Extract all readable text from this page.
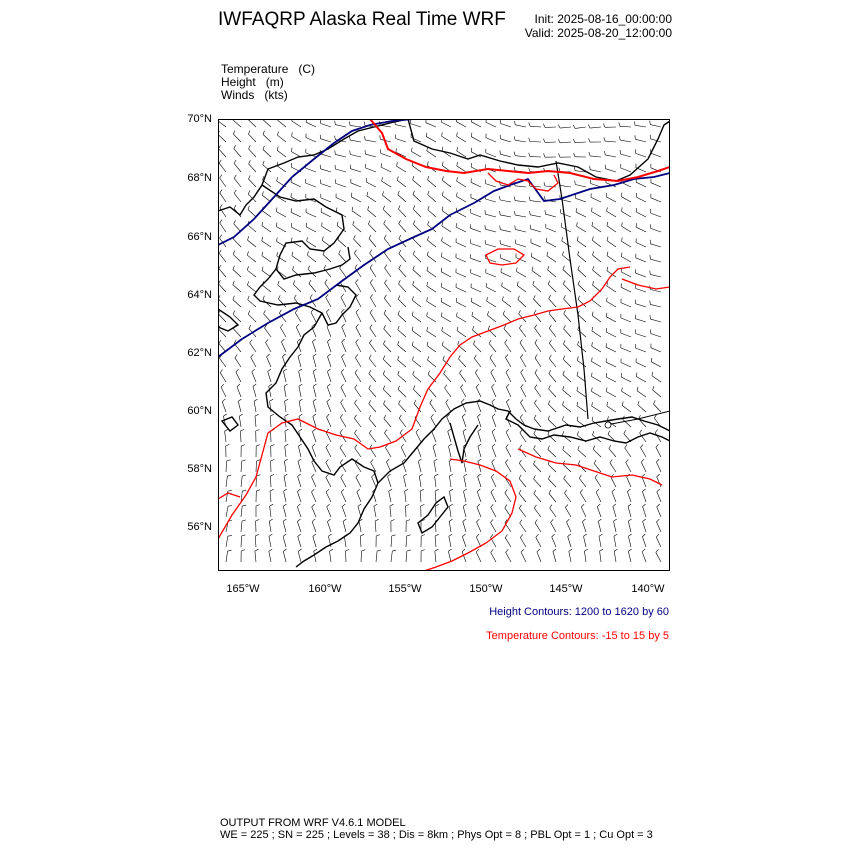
IWFAQRP Alaska Real Time WRF	Init: 2025-08-16_00:00:00
Valid: 2025-08-20_12:00:00
Temperature (C)
Height (m)
Winds (kts)
70°N
68°N
66°N
64°N
62°N
60°N
58°N
56°N
165°W	160°W	155°W	150°W	145°W	140°W
Height Contours: 1200 to 1620 by 60
Temperature Contours: -15 to 15 by 5
OUTPUT FROM WRF V4.6.1 MODEL
WE = 225 ; SN = 225 ; Levels = 38 ; Dis = 8km ; Phys Opt = 8 ; PBL Opt = 1 ; Cu Opt = 3
